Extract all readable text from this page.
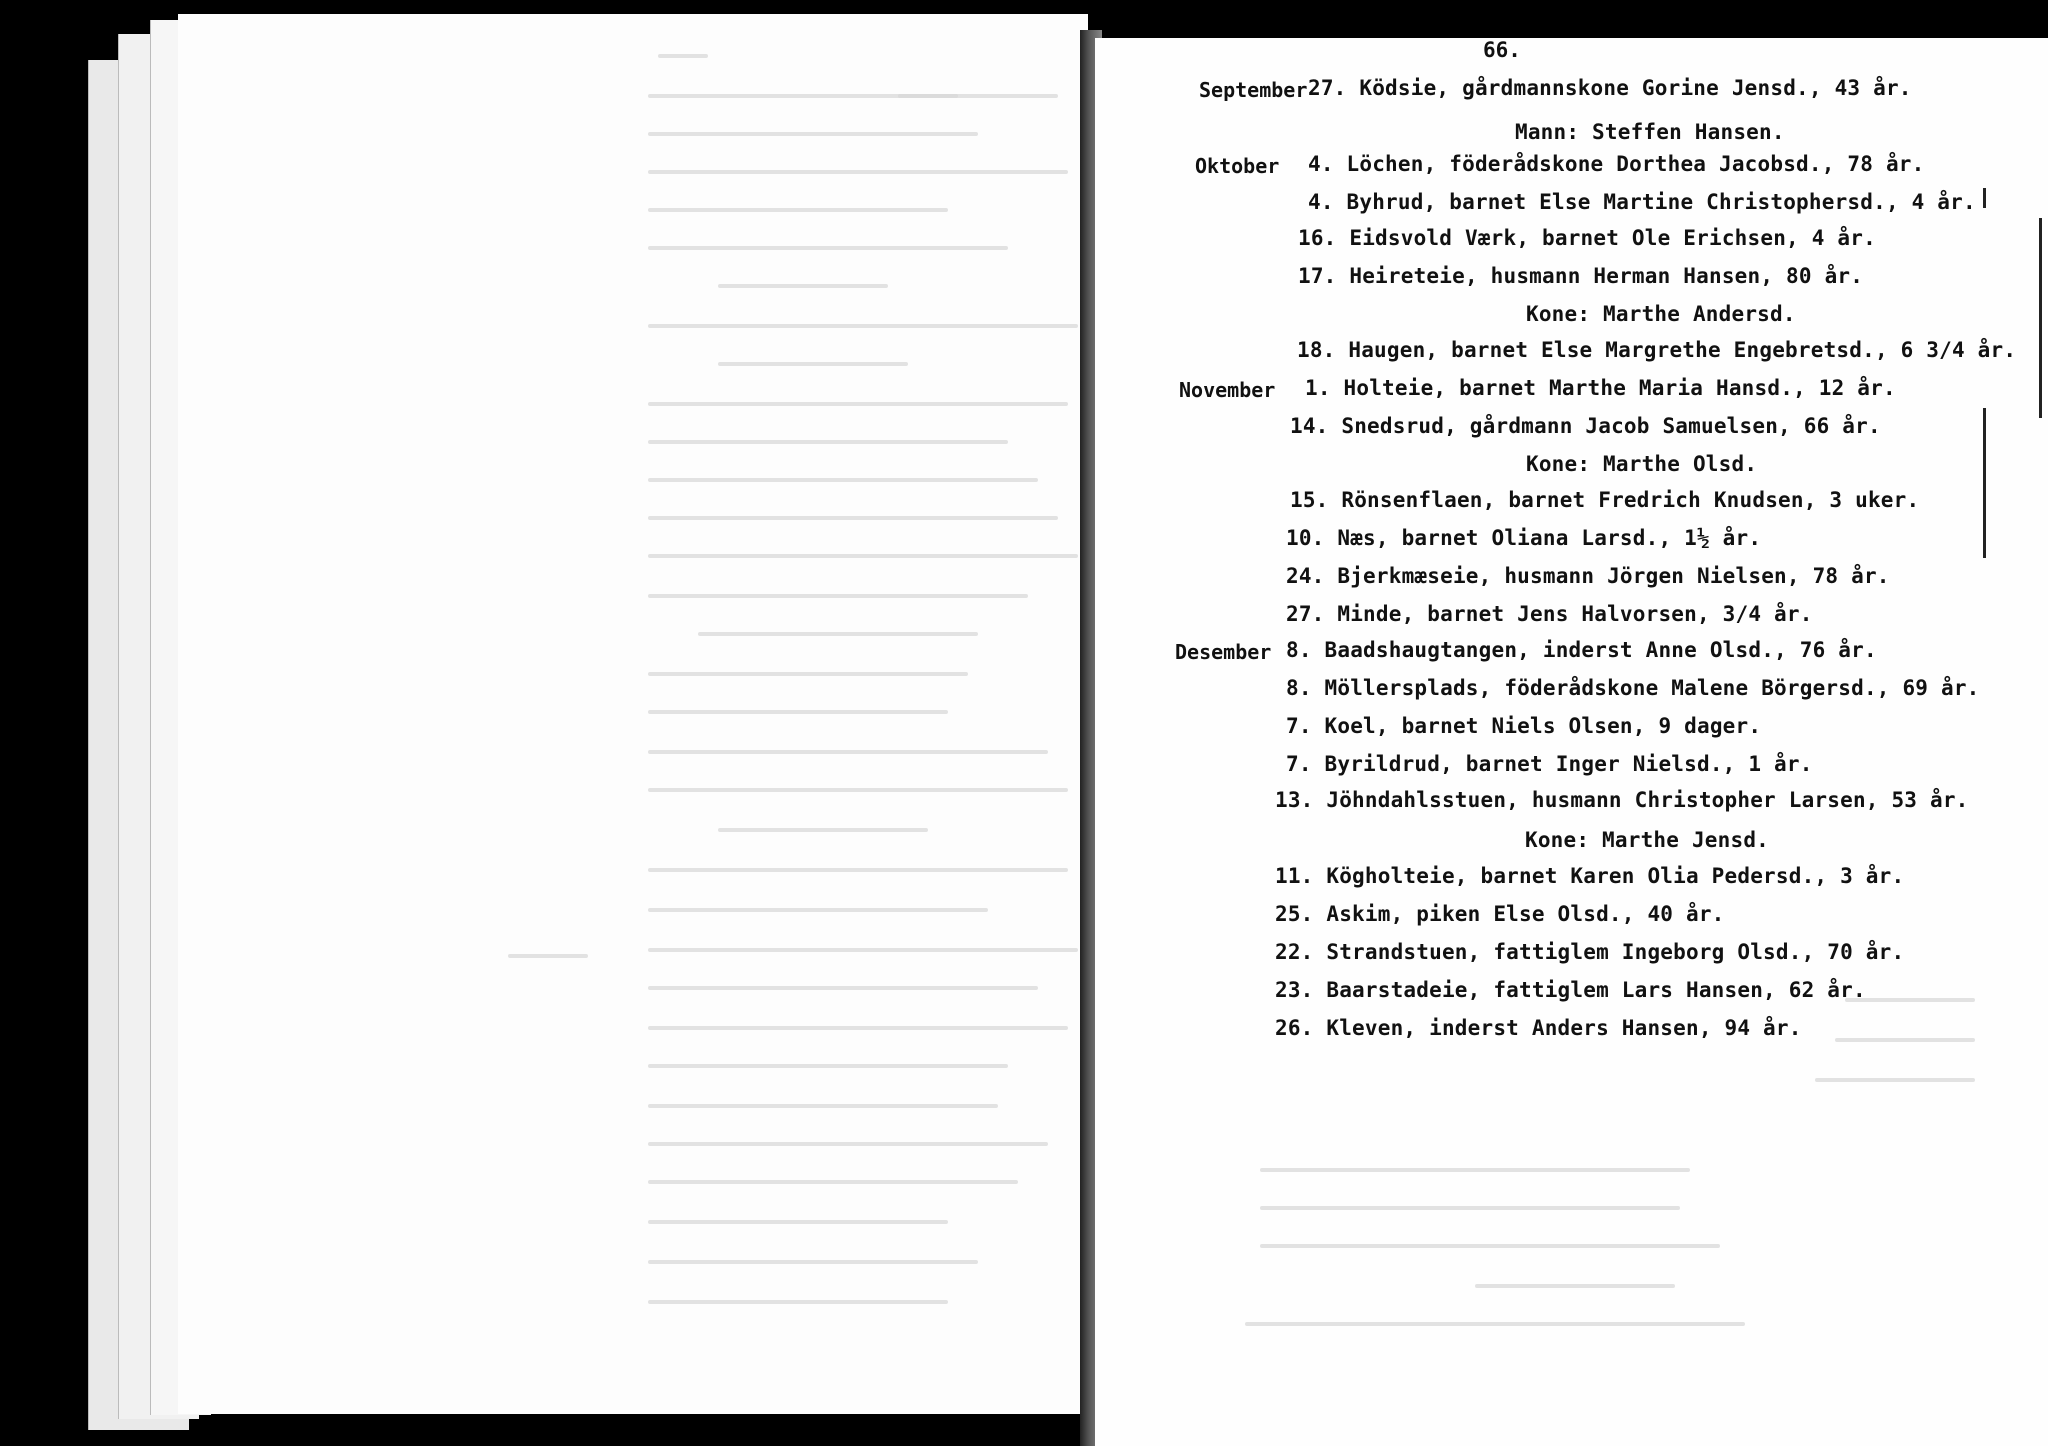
66.
September 27. Ködsie, gårdmannskone Gorine Jensd., 43 år.
Mann: Steffen Hansen.
Oktober 4. Löchen, föderådskone Dorthea Jacobsd., 78 år.
4. Byhrud, barnet Else Martine Christophersd., 4 år.
16. Eidsvold Værk, barnet Ole Erichsen, 4 år.
17. Heireteie, husmann Herman Hansen, 80 år.
Kone: Marthe Andersd.
18. Haugen, barnet Else Margrethe Engebretsd., 6 3/4 år.
November 1. Holteie, barnet Marthe Maria Hansd., 12 år.
14. Snedsrud, gårdmann Jacob Samuelsen, 66 år.
Kone: Marthe Olsd.
15. Rönsenflaen, barnet Fredrich Knudsen, 3 uker.
10. Næs, barnet Oliana Larsd., 1½ år.
24. Bjerkmæseie, husmann Jörgen Nielsen, 78 år.
27. Minde, barnet Jens Halvorsen, 3/4 år.
Desember 8. Baadshaugtangen, inderst Anne Olsd., 76 år.
8. Möllersplads, föderådskone Malene Börgersd., 69 år.
7. Koel, barnet Niels Olsen, 9 dager.
7. Byrildrud, barnet Inger Nielsd., 1 år.
13. Jöhndahlsstuen, husmann Christopher Larsen, 53 år.
Kone: Marthe Jensd.
11. Kögholteie, barnet Karen Olia Pedersd., 3 år.
25. Askim, piken Else Olsd., 40 år.
22. Strandstuen, fattiglem Ingeborg Olsd., 70 år.
23. Baarstadeie, fattiglem Lars Hansen, 62 år.
26. Kleven, inderst Anders Hansen, 94 år.
